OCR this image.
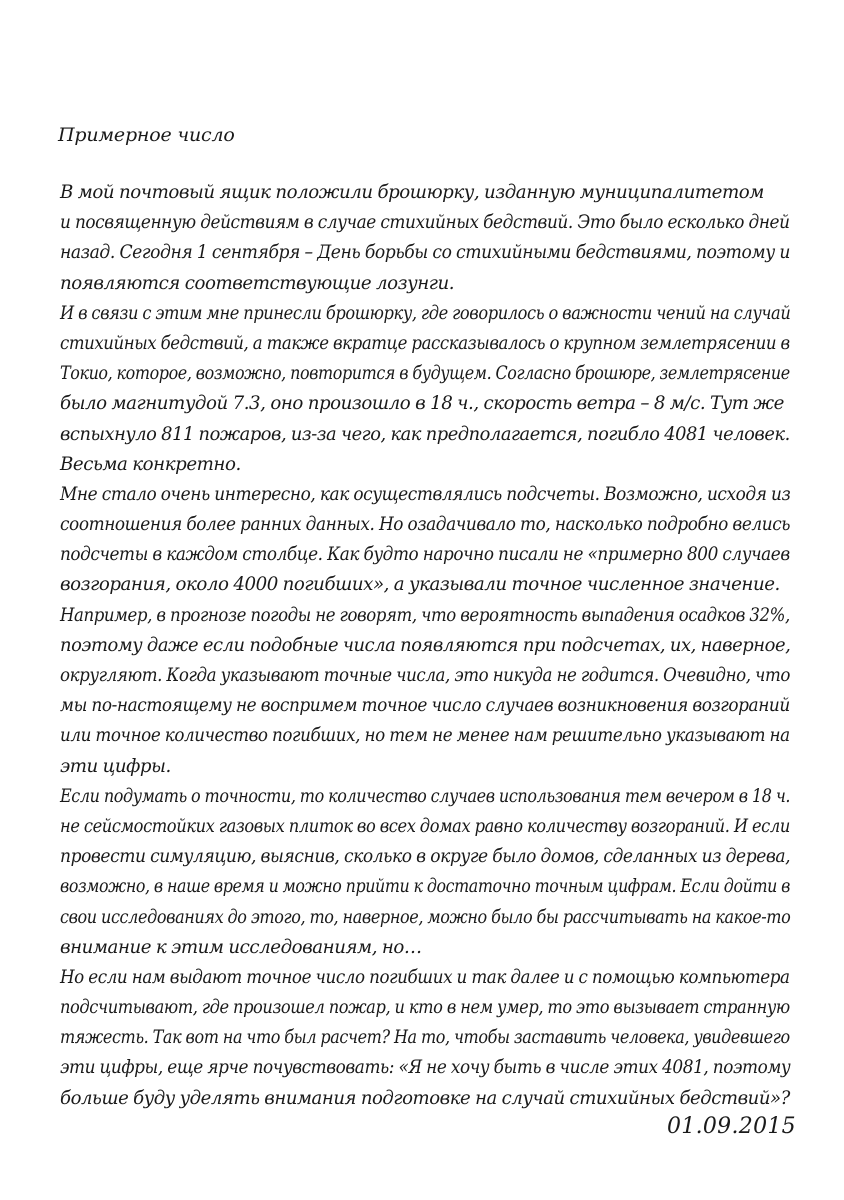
Примерное число
В мой почтовый ящик положили брошюрку, изданную муниципалитетом
и посвященную действиям в случае стихийных бедствий. Это было есколько дней
назад. Сегодня 1 сентября – День борьбы со стихийными бедствиями, поэтому и
появляются соответствующие лозунги.
И в связи с этим мне принесли брошюрку, где говорилось о важности чений на случай
стихийных бедствий, а также вкратце рассказывалось о крупном землетрясении в
Токио, которое, возможно, повторится в будущем. Согласно брошюре, землетрясение
было магнитудой 7.3, оно произошло в 18 ч., скорость ветра – 8 м/с. Тут же
вспыхнуло 811 пожаров, из-за чего, как предполагается, погибло 4081 человек.
Весьма конкретно.
Мне стало очень интересно, как осуществлялись подсчеты. Возможно, исходя из
соотношения более ранних данных. Но озадачивало то, насколько подробно велись
подсчеты в каждом столбце. Как будто нарочно писали не «примерно 800 случаев
возгорания, около 4000 погибших», а указывали точное численное значение.
Например, в прогнозе погоды не говорят, что вероятность выпадения осадков 32%,
поэтому даже если подобные числа появляются при подсчетах, их, наверное,
округляют. Когда указывают точные числа, это никуда не годится. Очевидно, что
мы по-настоящему не воспримем точное число случаев возникновения возгораний
или точное количество погибших, но тем не менее нам решительно указывают на
эти цифры.
Если подумать о точности, то количество случаев использования тем вечером в 18 ч.
не сейсмостойких газовых плиток во всех домах равно количеству возгораний. И если
провести симуляцию, выяснив, сколько в округе было домов, сделанных из дерева,
возможно, в наше время и можно прийти к достаточно точным цифрам. Если дойти в
свои исследованиях до этого, то, наверное, можно было бы рассчитывать на какое-то
внимание к этим исследованиям, но…
Но если нам выдают точное число погибших и так далее и с помощью компьютера
подсчитывают, где произошел пожар, и кто в нем умер, то это вызывает странную
тяжесть. Так вот на что был расчет? На то, чтобы заставить человека, увидевшего
эти цифры, еще ярче почувствовать: «Я не хочу быть в числе этих 4081, поэтому
больше буду уделять внимания подготовке на случай стихийных бедствий»?
01.09.2015
